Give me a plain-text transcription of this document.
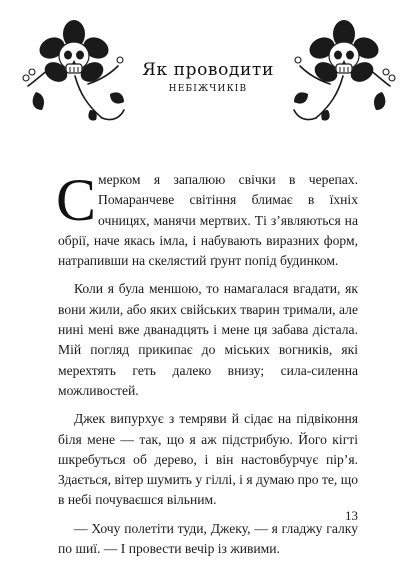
Як проводити
небіжчиків

Смерком я запалюю свічки в черепах. Помаранчеве світіння блимає в їхніх очницях, манячи мертвих. Ті з’являються на обрії, наче якась імла, і набувають виразних форм, натрапивши на скелястий ґрунт попід будинком.

Коли я була меншою, то намагалася вгадати, як вони жили, або яких свійських тварин тримали, але нині мені вже дванадцять і мене ця забава дістала. Мій погляд прикипає до міських вогників, які мерехтять геть далеко внизу; сила-силенна можливостей.

Джек випурхує з темряви й сідає на підвіконня біля мене — так, що я аж підстрибую. Його кігті шкребуться об дерево, і він настовбурчує пір’я. Здається, вітер шумить у гіллі, і я думаю про те, що в небі почуваєшся вільним.

— Хочу полетіти туди, Джеку, — я гладжу галку по шиї. — І провести вечір із живими.

13
